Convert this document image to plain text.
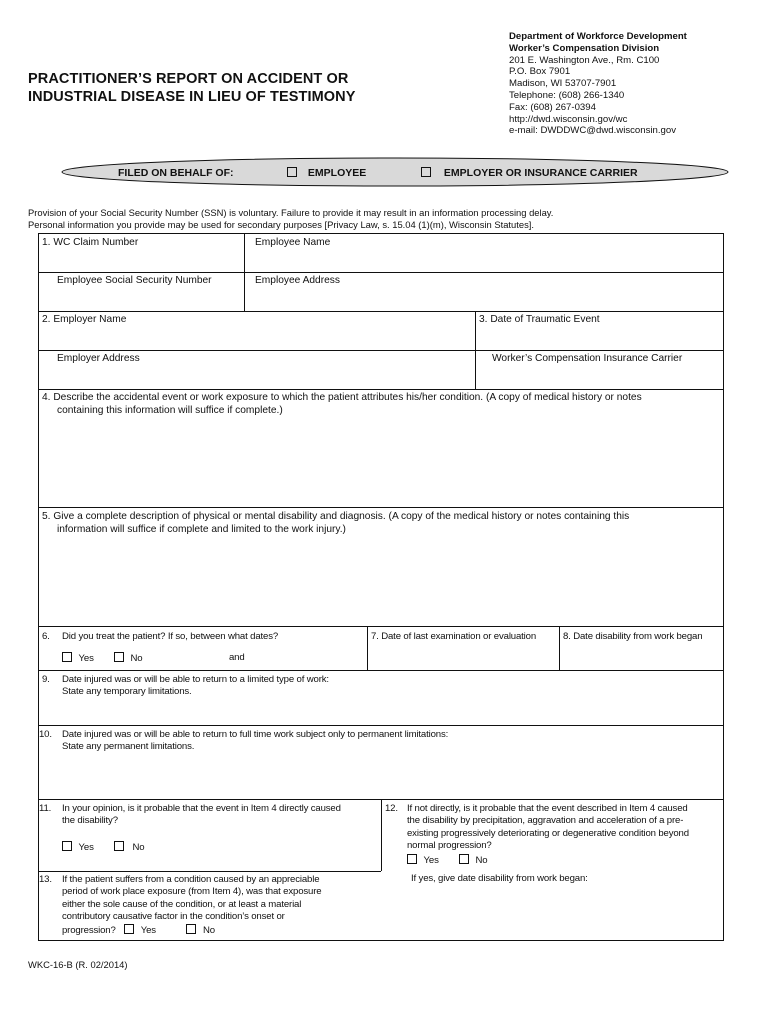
PRACTITIONER’S REPORT ON ACCIDENT OR
INDUSTRIAL DISEASE IN LIEU OF TESTIMONY
Department of Workforce Development
Worker’s Compensation Division
201 E. Washington Ave., Rm. C100
P.O. Box 7901
Madison, WI 53707-7901
Telephone: (608) 266-1340
Fax: (608) 267-0394
http://dwd.wisconsin.gov/wc
e-mail: DWDDWC@dwd.wisconsin.gov
FILED ON BEHALF OF:	EMPLOYEE	EMPLOYER OR INSURANCE CARRIER
Provision of your Social Security Number (SSN) is voluntary. Failure to provide it may result in an information processing delay.
Personal information you provide may be used for secondary purposes [Privacy Law, s. 15.04 (1)(m), Wisconsin Statutes].
1. WC Claim Number	Employee Name
Employee Social Security Number	Employee Address
2. Employer Name	3. Date of Traumatic Event
Employer Address	Worker’s Compensation Insurance Carrier
4. Describe the accidental event or work exposure to which the patient attributes his/her condition. (A copy of medical history or notes
containing this information will suffice if complete.)
5. Give a complete description of physical or mental disability and diagnosis. (A copy of the medical history or notes containing this
information will suffice if complete and limited to the work injury.)
6. Did you treat the patient? If so, between what dates?
Yes	No	and
7. Date of last examination or evaluation	8. Date disability from work began
9. Date injured was or will be able to return to a limited type of work:
State any temporary limitations.
10. Date injured was or will be able to return to full time work subject only to permanent limitations:
State any permanent limitations.
11. In your opinion, is it probable that the event in Item 4 directly caused
the disability?
Yes	No
12. If not directly, is it probable that the event described in Item 4 caused
the disability by precipitation, aggravation and acceleration of a pre-
existing progressively deteriorating or degenerative condition beyond
normal progression?
Yes	No
If yes, give date disability from work began:
13. If the patient suffers from a condition caused by an appreciable
period of work place exposure (from Item 4), was that exposure
either the sole cause of the condition, or at least a material
contributory causative factor in the condition’s onset or
progression?	Yes	No
WKC-16-B (R. 02/2014)
